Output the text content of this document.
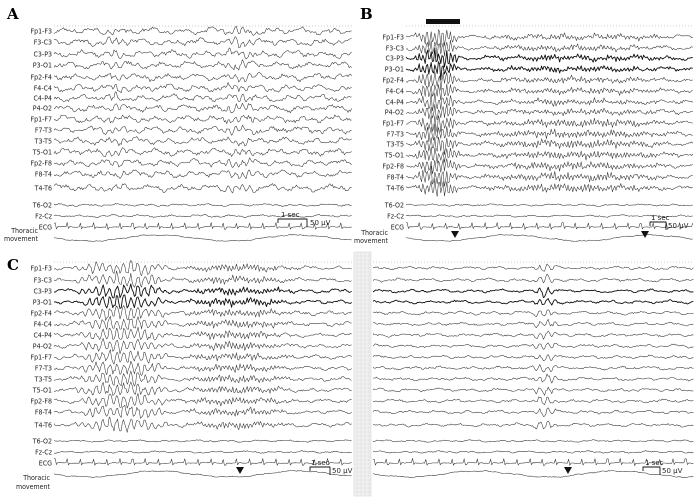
A	B
C
Fp1-F3
F3-C3
C3-P3
P3-O1
Fp2-F4
F4-C4
C4-P4
P4-O2
Fp1-F7
F7-T3
T3-T5
T5-O1
Fp2-F8
F8-T4
T4-T6
T6-O2
Fz-Cz
ECG
Fp1-F3
F3-C3
C3-P3
P3-O1
Fp2-F4
F4-C4
C4-P4
P4-O2
Fp1-F7
F7-T3
T3-T5
T5-O1
Fp2-F8
F8-T4
T4-T6
T6-O2
Fz-Cz
ECG
Fp1-F3
F3-C3
C3-P3
P3-O1
Fp2-F4
F4-C4
C4-P4
P4-O2
Fp1-F7
F7-T3
T3-T5
T5-O1
Fp2-F8
F8-T4
T4-T6
T6-O2
Fz-Cz
ECG
Thoracic
movement
Thoracic
movement
Thoracic
movement
1 sec
50 µV
1 sec
50 µV
1 sec
50 µV
1 sec
50 µV
